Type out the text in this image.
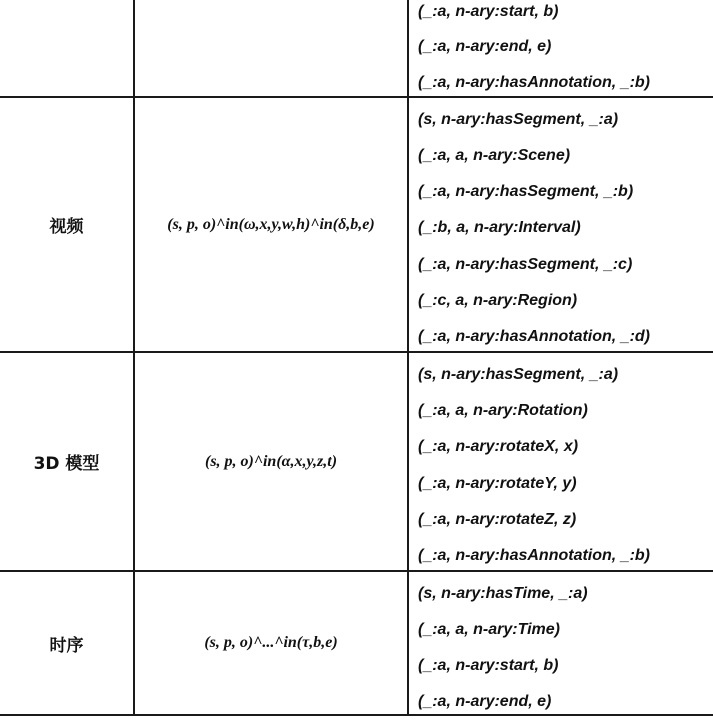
(_:a, n-ary:start, b)
(_:a, n-ary:end, e)
(_:a, n-ary:hasAnnotation, _:b)
视频	(s, p, o)^in(ω,x,y,w,h)^in(δ,b,e)
(s, n-ary:hasSegment, _:a)
(_:a, a, n-ary:Scene)
(_:a, n-ary:hasSegment, _:b)
(_:b, a, n-ary:Interval)
(_:a, n-ary:hasSegment, _:c)
(_:c, a, n-ary:Region)
(_:a, n-ary:hasAnnotation, _:d)
3D 模型	(s, p, o)^in(α,x,y,z,t)
(s, n-ary:hasSegment, _:a)
(_:a, a, n-ary:Rotation)
(_:a, n-ary:rotateX, x)
(_:a, n-ary:rotateY, y)
(_:a, n-ary:rotateZ, z)
(_:a, n-ary:hasAnnotation, _:b)
时序	(s, p, o)^...^in(τ,b,e)
(s, n-ary:hasTime, _:a)
(_:a, a, n-ary:Time)
(_:a, n-ary:start, b)
(_:a, n-ary:end, e)
